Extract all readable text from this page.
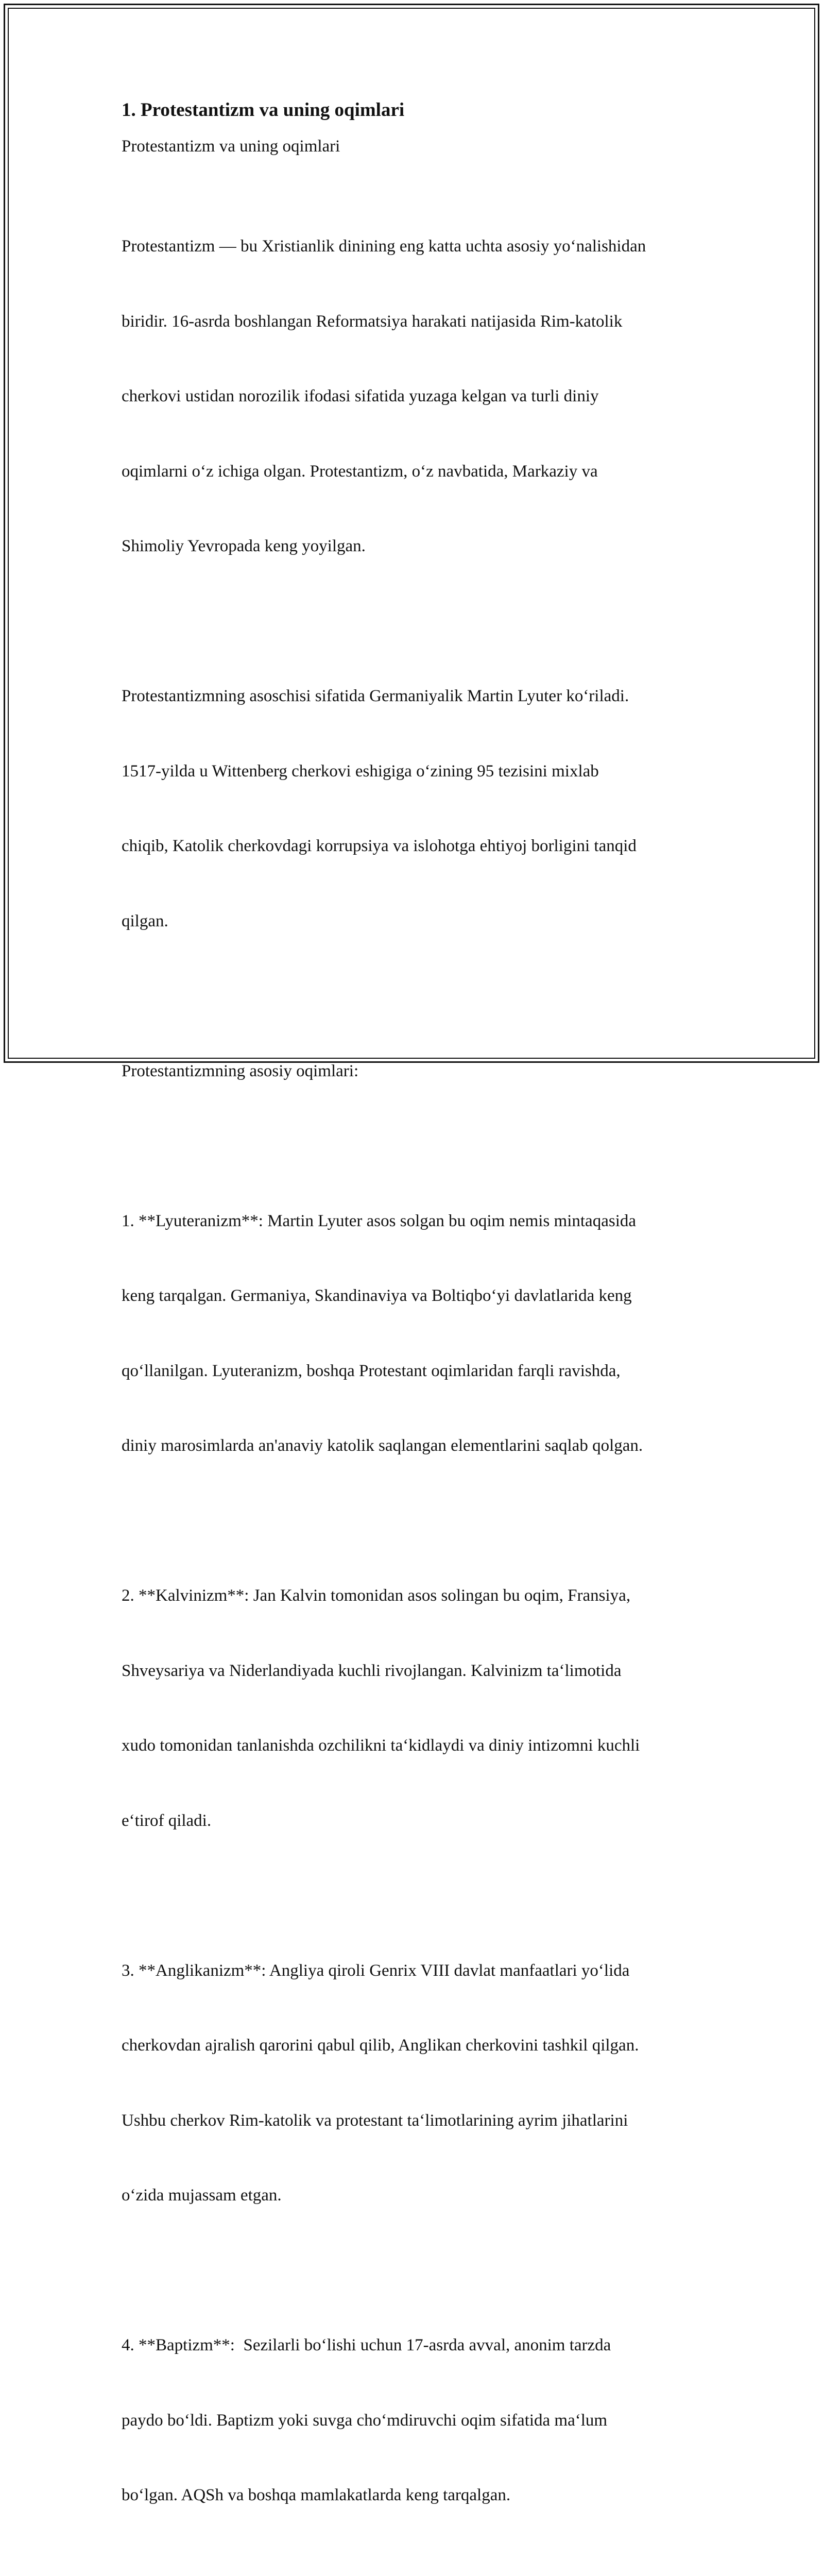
1. Protestantizm va uning oqimlari

Protestantizm va uning oqimlari

Protestantizm — bu Xristianlik dinining eng katta uchta asosiy yoʻnalishidan

biridir. 16-asrda boshlangan Reformatsiya harakati natijasida Rim-katolik

cherkovi ustidan norozilik ifodasi sifatida yuzaga kelgan va turli diniy

oqimlarni oʻz ichiga olgan. Protestantizm, oʻz navbatida, Markaziy va

Shimoliy Yevropada keng yoyilgan.

Protestantizmning asoschisi sifatida Germaniyalik Martin Lyuter koʻriladi.

1517-yilda u Wittenberg cherkovi eshigiga oʻzining 95 tezisini mixlab

chiqib, Katolik cherkovdagi korrupsiya va islohotga ehtiyoj borligini tanqid

qilgan.

Protestantizmning asosiy oqimlari:

1. **Lyuteranizm**: Martin Lyuter asos solgan bu oqim nemis mintaqasida

keng tarqalgan. Germaniya, Skandinaviya va Boltiqboʻyi davlatlarida keng

qoʻllanilgan. Lyuteranizm, boshqa Protestant oqimlaridan farqli ravishda,

diniy marosimlarda an'anaviy katolik saqlangan elementlarini saqlab qolgan.

2. **Kalvinizm**: Jan Kalvin tomonidan asos solingan bu oqim, Fransiya,

Shveysariya va Niderlandiyada kuchli rivojlangan. Kalvinizm taʻlimotida

xudo tomonidan tanlanishda ozchilikni taʻkidlaydi va diniy intizomni kuchli

eʻtirof qiladi.

3. **Anglikanizm**: Angliya qiroli Genrix VIII davlat manfaatlari yoʻlida

cherkovdan ajralish qarorini qabul qilib, Anglikan cherkovini tashkil qilgan.

Ushbu cherkov Rim-katolik va protestant taʻlimotlarining ayrim jihatlarini

oʻzida mujassam etgan.

4. **Baptizm**:  Sezilarli boʻlishi uchun 17-asrda avval, anonim tarzda

paydo boʻldi. Baptizm yoki suvga choʻmdiruvchi oqim sifatida maʻlum

boʻlgan. AQSh va boshqa mamlakatlarda keng tarqalgan.
